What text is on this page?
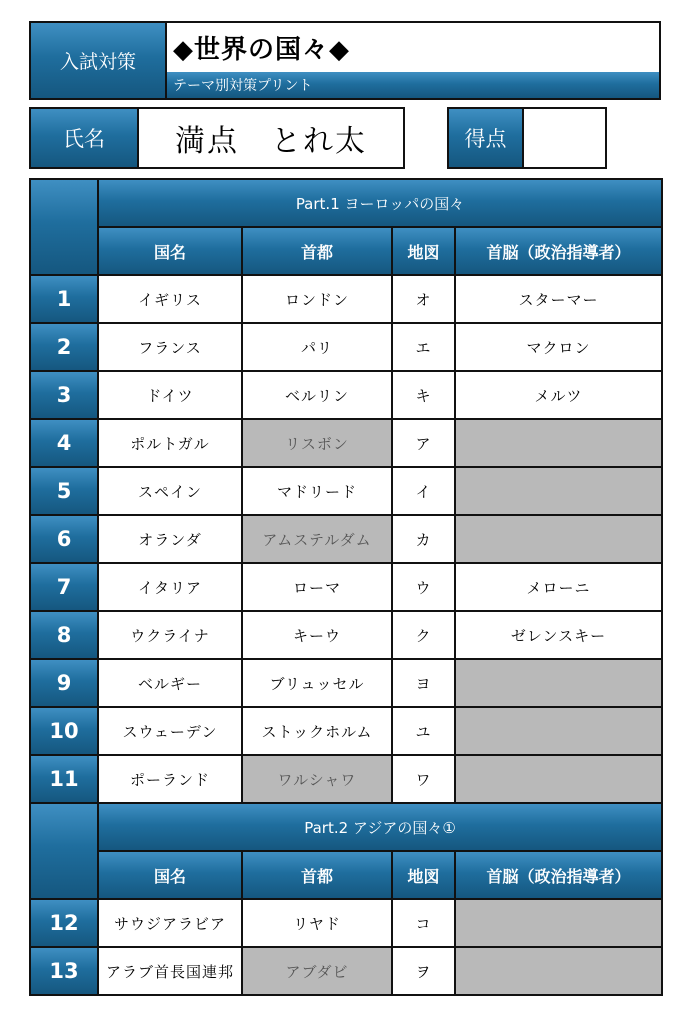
入試対策	◆世界の国々◆
テーマ別対策プリント
氏名	満点　とれ太	得点
	Part.1 ヨーロッパの国々			
	国名	首都	地図	首脳（政治指導者）
1	イギリス	ロンドン	オ	スターマー
2	フランス	パリ	エ	マクロン
3	ドイツ	ベルリン	キ	メルツ
4	ポルトガル	リスボン	ア	
5	スペイン	マドリード	イ	
6	オランダ	アムステルダム	カ	
7	イタリア	ローマ	ウ	メローニ
8	ウクライナ	キーウ	ク	ゼレンスキー
9	ベルギー	ブリュッセル	ヨ	
10	スウェーデン	ストックホルム	ユ	
11	ポーランド	ワルシャワ	ワ	
	Part.2 アジアの国々①			
	国名	首都	地図	首脳（政治指導者）
12	サウジアラビア	リヤド	コ	
13	アラブ首長国連邦	アブダビ	ヲ	
